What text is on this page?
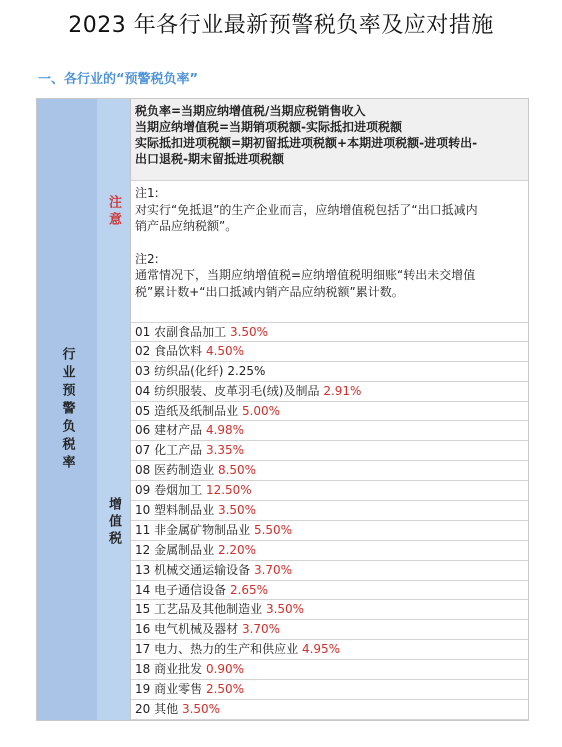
2023 年各行业最新预警税负率及应对措施
一、各行业的“预警税负率”
行业预警负税率
注意
增值税
税负率=当期应纳增值税/当期应税销售收入
当期应纳增值税=当期销项税额-实际抵扣进项税额
实际抵扣进项税额=期初留抵进项税额+本期进项税额-进项转出-
出口退税-期末留抵进项税额
注1:
对实行“免抵退”的生产企业而言，应纳增值税包括了“出口抵减内
销产品应纳税额”。
注2:
通常情况下，当期应纳增值税=应纳增值税明细账“转出未交增值
税”累计数+“出口抵减内销产品应纳税额”累计数。
01 农副食品加工 3.50%
02 食品饮料 4.50%
03 纺织品(化纤) 2.25%
04 纺织服装、皮革羽毛(绒)及制品 2.91%
05 造纸及纸制品业 5.00%
06 建材产品 4.98%
07 化工产品 3.35%
08 医药制造业 8.50%
09 卷烟加工 12.50%
10 塑料制品业 3.50%
11 非金属矿物制品业 5.50%
12 金属制品业 2.20%
13 机械交通运输设备 3.70%
14 电子通信设备 2.65%
15 工艺品及其他制造业 3.50%
16 电气机械及器材 3.70%
17 电力、热力的生产和供应业 4.95%
18 商业批发 0.90%
19 商业零售 2.50%
20 其他 3.50%
